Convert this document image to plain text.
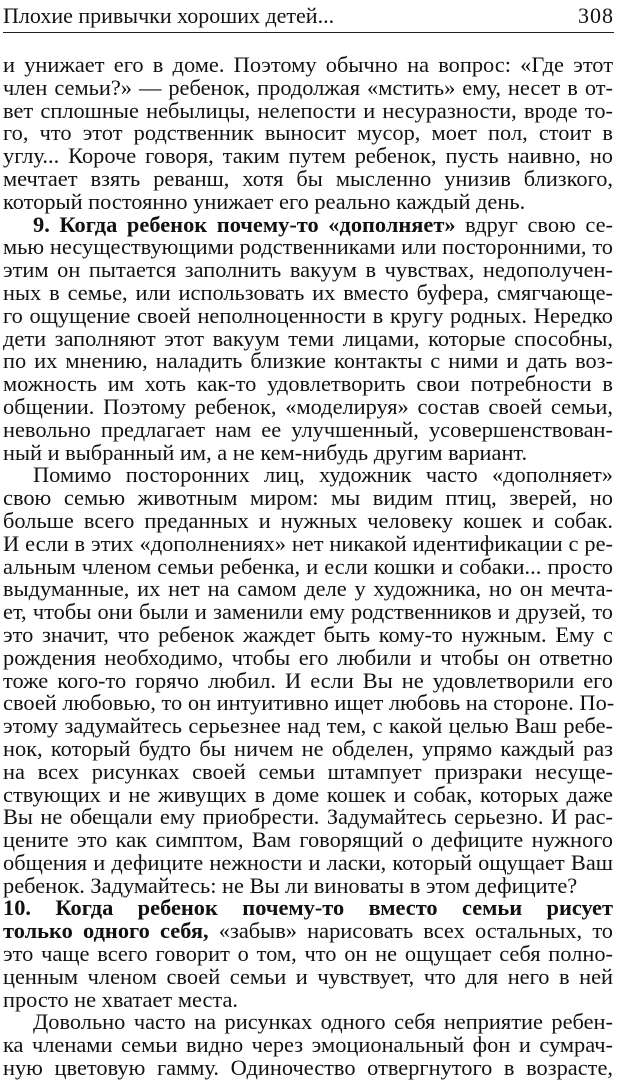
Плохие привычки хороших детей...	308
и унижает его в доме. Поэтому обычно на вопрос: «Где этот
член семьи?» — ребенок, продолжая «мстить» ему, несет в от-
вет сплошные небылицы, нелепости и несуразности, вроде то-
го, что этот родственник выносит мусор, моет пол, стоит в
углу... Короче говоря, таким путем ребенок, пусть наивно, но
мечтает взять реванш, хотя бы мысленно унизив близкого,
который постоянно унижает его реально каждый день.
9. Когда ребенок почему-то «дополняет» вдруг свою се-
мью несуществующими родственниками или посторонними, то
этим он пытается заполнить вакуум в чувствах, недополучен-
ных в семье, или использовать их вместо буфера, смягчающе-
го ощущение своей неполноценности в кругу родных. Нередко
дети заполняют этот вакуум теми лицами, которые способны,
по их мнению, наладить близкие контакты с ними и дать воз-
можность им хоть как-то удовлетворить свои потребности в
общении. Поэтому ребенок, «моделируя» состав своей семьи,
невольно предлагает нам ее улучшенный, усовершенствован-
ный и выбранный им, а не кем-нибудь другим вариант.
Помимо посторонних лиц, художник часто «дополняет»
свою семью животным миром: мы видим птиц, зверей, но
больше всего преданных и нужных человеку кошек и собак.
И если в этих «дополнениях» нет никакой идентификации с ре-
альным членом семьи ребенка, и если кошки и собаки... просто
выдуманные, их нет на самом деле у художника, но он мечта-
ет, чтобы они были и заменили ему родственников и друзей, то
это значит, что ребенок жаждет быть кому-то нужным. Ему с
рождения необходимо, чтобы его любили и чтобы он ответно
тоже кого-то горячо любил. И если Вы не удовлетворили его
своей любовью, то он интуитивно ищет любовь на стороне. По-
этому задумайтесь серьезнее над тем, с какой целью Ваш ребе-
нок, который будто бы ничем не обделен, упрямо каждый раз
на всех рисунках своей семьи штампует призраки несуще-
ствующих и не живущих в доме кошек и собак, которых даже
Вы не обещали ему приобрести. Задумайтесь серьезно. И рас-
цените это как симптом, Вам говорящий о дефиците нужного
общения и дефиците нежности и ласки, который ощущает Ваш
ребенок. Задумайтесь: не Вы ли виноваты в этом дефиците?
10. Когда ребенок почему-то вместо семьи рисует
только одного себя, «забыв» нарисовать всех остальных, то
это чаще всего говорит о том, что он не ощущает себя полно-
ценным членом своей семьи и чувствует, что для него в ней
просто не хватает места.
Довольно часто на рисунках одного себя неприятие ребен-
ка членами семьи видно через эмоциональный фон и сумрач-
ную цветовую гамму. Одиночество отвергнутого в возрасте,
